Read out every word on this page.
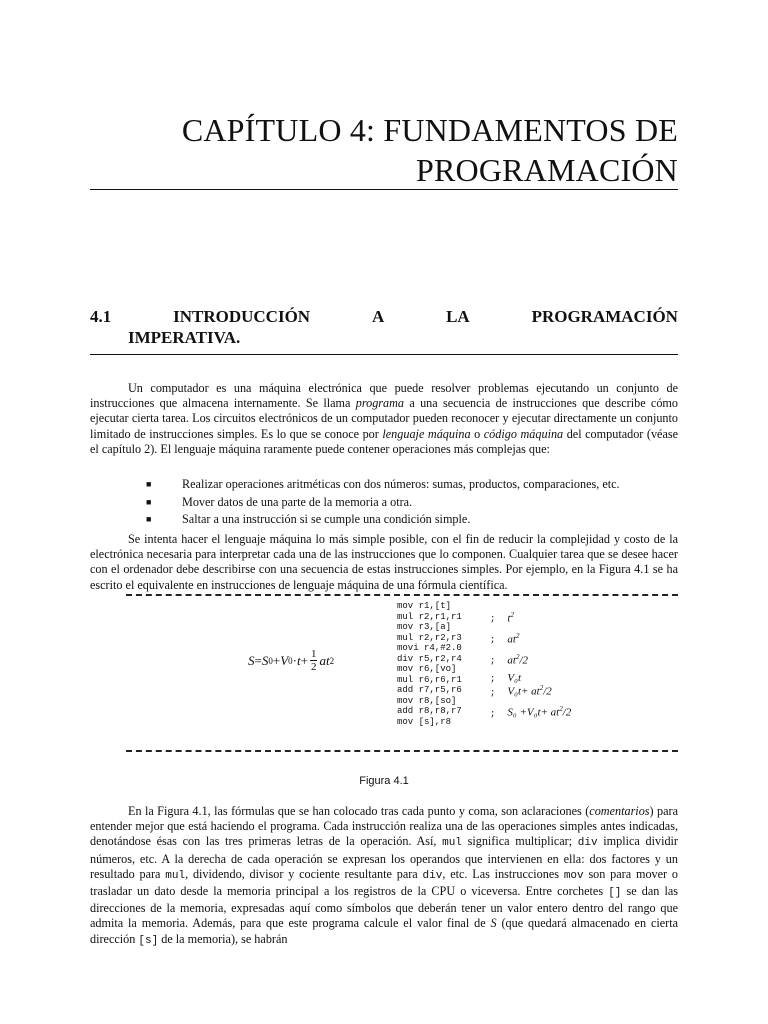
CAPÍTULO 4: FUNDAMENTOS DE
PROGRAMACIÓN
4.1	INTRODUCCIÓN	A	LA	PROGRAMACIÓN
IMPERATIVA.
Un computador es una máquina electrónica que puede resolver problemas ejecutando un conjunto de instrucciones que almacena internamente. Se llama programa a una secuencia de instrucciones que describe cómo ejecutar cierta tarea. Los circuitos electrónicos de un computador pueden reconocer y ejecutar directamente un conjunto limitado de instrucciones simples. Es lo que se conoce por lenguaje máquina o código máquina del computador (véase el capítulo 2). El lenguaje máquina raramente puede contener operaciones más complejas que:
■	Realizar operaciones aritméticas con dos números: sumas, productos, comparaciones, etc.
■	Mover datos de una parte de la memoria a otra.
■	Saltar a una instrucción si se cumple una condición simple.
Se intenta hacer el lenguaje máquina lo más simple posible, con el fin de reducir la complejidad y costo de la electrónica necesaria para interpretar cada una de las instrucciones que lo componen. Cualquier tarea que se desee hacer con el ordenador debe describirse con una secuencia de estas instrucciones simples. Por ejemplo, en la Figura 4.1 se ha escrito el equivalente en instrucciones de lenguaje máquina de una fórmula científica.
S = S 0 + V $0 \cdot t + \frac{1}{2}$ at 2
mov r1,[t]
mul r2,r1,r1	; $t^2$
mov r3,[a]
mul r2,r2,r3	; $at^2$
movi r4,#2.0
div r5,r2,r4	; $at^2/2$
mov r6,[vo]
mul r6,r6,r1	; V₀t
add r7,r5,r6	; $V_0t+ at^2/2$
mov r8,[so]
add r8,r8,r7	; $S_0 +V_0t+ at^2/2$
mov [s],r8
Figura 4.1
En la Figura 4.1, las fórmulas que se han colocado tras cada punto y coma, son aclaraciones (comentarios) para entender mejor que está haciendo el programa. Cada instrucción realiza una de las operaciones simples antes indicadas, denotándose ésas con las tres primeras letras de la operación. Así, mul significa multiplicar; div implica dividir números, etc. A la derecha de cada operación se expresan los operandos que intervienen en ella: dos factores y un resultado para mul, dividendo, divisor y cociente resultante para div, etc. Las instrucciones mov son para mover o trasladar un dato desde la memoria principal a los registros de la CPU o viceversa. Entre corchetes [] se dan las direcciones de la memoria, expresadas aquí como símbolos que deberán tener un valor entero dentro del rango que admita la memoria. Además, para que este programa calcule el valor final de S (que quedará almacenado en cierta dirección [s] de la memoria), se habrán
